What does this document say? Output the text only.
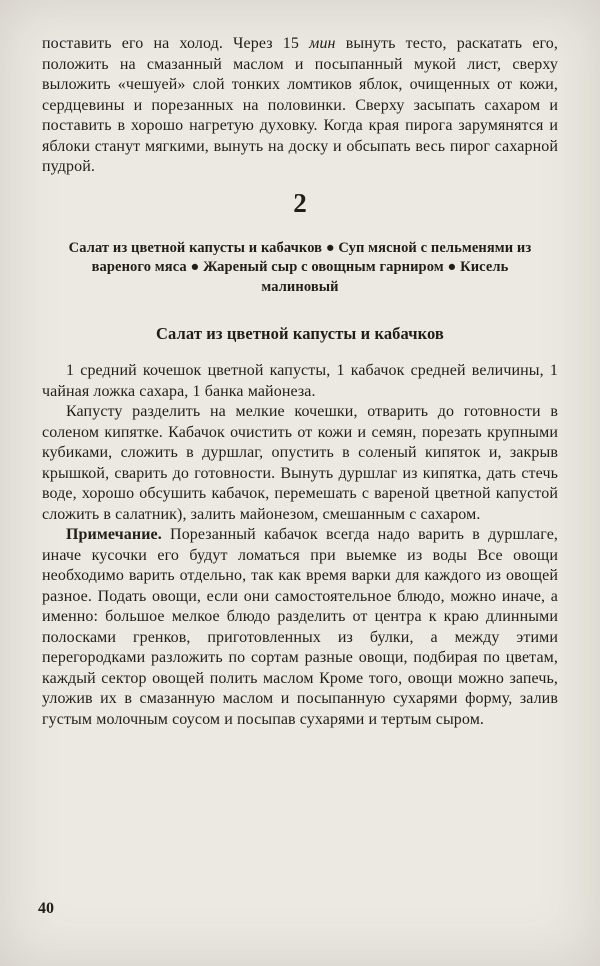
поставить его на холод. Через 15 мин вынуть тесто, раскатать его, положить на смазанный маслом и посыпанный мукой лист, сверху выложить «чешуей» слой тонких ломтиков яблок, очищенных от кожи, сердцевины и порезанных на половинки. Сверху засыпать сахаром и поставить в хорошо нагретую духовку. Когда края пирога зарумянятся и яблоки станут мягкими, вынуть на доску и обсыпать весь пирог сахарной пудрой.

2

Салат из цветной капусты и кабачков ● Суп мясной с пельменями из вареного мяса ● Жареный сыр с овощным гарниром ● Кисель малиновый

Салат из цветной капусты и кабачков

1 средний кочешок цветной капусты, 1 кабачок средней величины, 1 чайная ложка сахара, 1 банка майонеза.

Капусту разделить на мелкие кочешки, отварить до готовности в соленом кипятке. Кабачок очистить от кожи и семян, порезать крупными кубиками, сложить в дуршлаг, опустить в соленый кипяток и, закрыв крышкой, сварить до готовности. Вынуть дуршлаг из кипятка, дать стечь воде, хорошо обсушить кабачок, перемешать с вареной цветной капустой сложить в салатник), залить майонезом, смешанным с сахаром.

Примечание. Порезанный кабачок всегда надо варить в дуршлаге, иначе кусочки его будут ломаться при выемке из воды Все овощи необходимо варить отдельно, так как время варки для каждого из овощей разное. Подать овощи, если они самостоятельное блюдо, можно иначе, а именно: большое мелкое блюдо разделить от центра к краю длинными полосками гренков, приготовленных из булки, а между этими перегородками разложить по сортам разные овощи, подбирая по цветам, каждый сектор овощей полить маслом Кроме того, овощи можно запечь, уложив их в смазанную маслом и посыпанную сухарями форму, залив густым молочным соусом и посыпав сухарями и тертым сыром.

40
